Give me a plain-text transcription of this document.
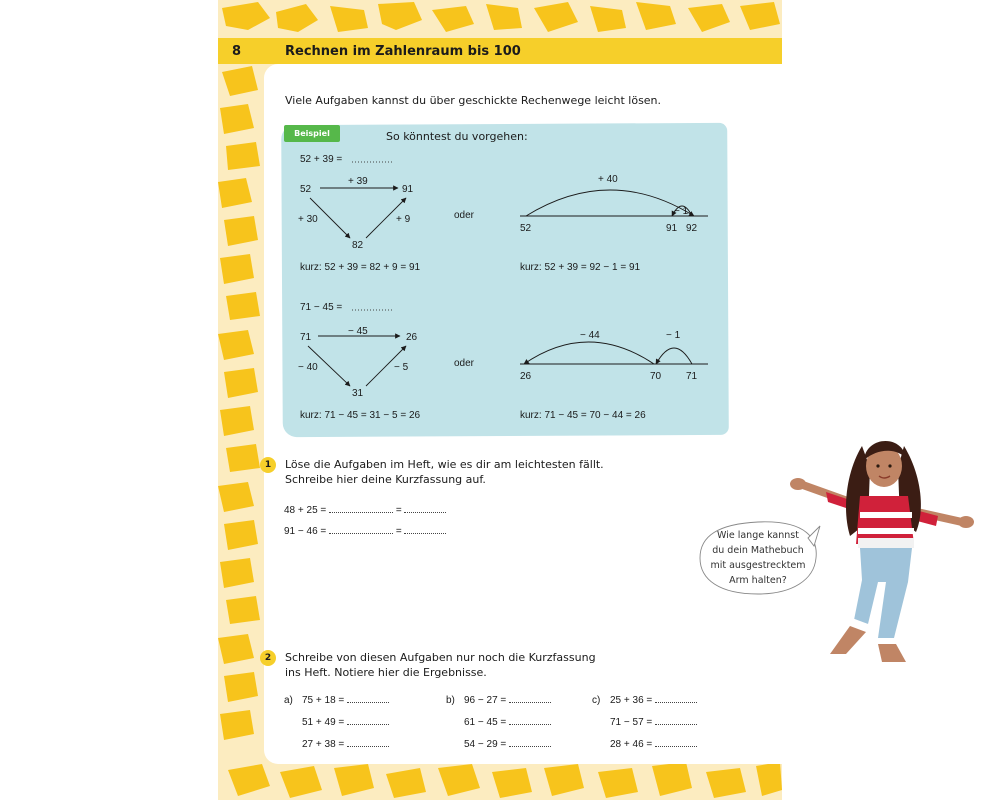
8	Rechnen im Zahlenraum bis 100
Viele Aufgaben kannst du über geschickte Rechenwege leicht lösen.
Beispiel	So könntest du vorgehen:
52 + 39 =
52	91
82
+ 39
+ 30	+ 9
kurz: 52 + 39 = 82 + 9 = 91
oder
+ 40
− 1
52	91 92
kurz: 52 + 39 = 92 − 1 = 91
71 − 45 =
71	26
31
− 45
− 40	− 5
kurz: 71 − 45 = 31 − 5 = 26
oder
− 44	− 1
26	70 71
kurz: 71 − 45 = 70 − 44 = 26
1	Löse die Aufgaben im Heft, wie es dir am leichtesten fällt.
Schreibe hier deine Kurzfassung auf.
48 + 25 =	=
91 − 46 =	=	Wie lange kannst
du dein Mathebuch
mit ausgestrecktem
Arm halten?
2	Schreibe von diesen Aufgaben nur noch die Kurzfassung
ins Heft. Notiere hier die Ergebnisse.
a) 75 + 18 =
51 + 49 =
27 + 38 =
b) 96 − 27 =
61 − 45 =
54 − 29 =
c) 25 + 36 =
71 − 57 =
28 + 46 =
